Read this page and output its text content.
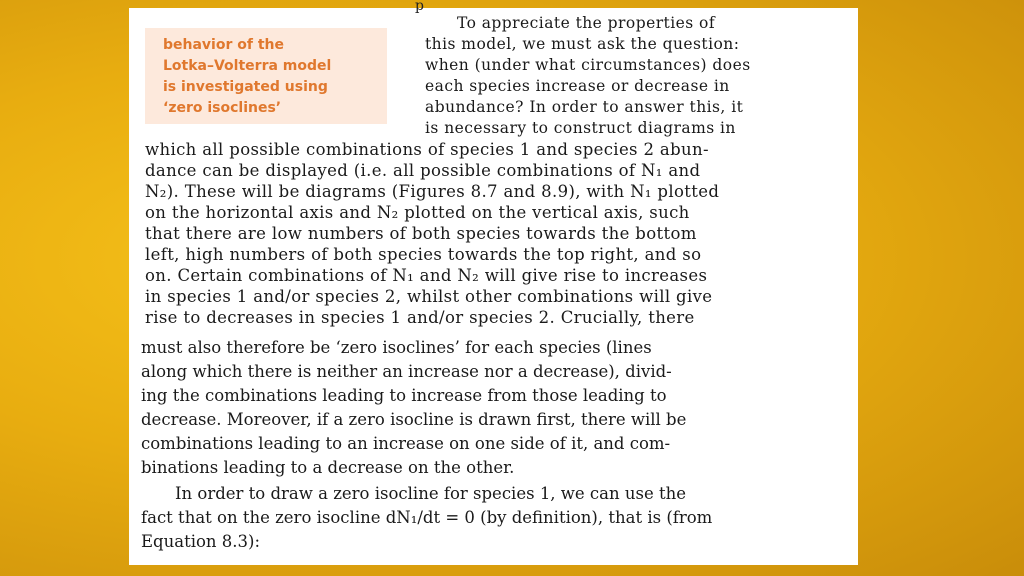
p
behavior of the
Lotka–Volterra model
is investigated using
‘zero isoclines’

To appreciate the properties of

this model, we must ask the question:

when (under what circumstances) does

each species increase or decrease in

abundance? In order to answer this, it

is necessary to construct diagrams in

which all possible combinations of species 1 and species 2 abun-

dance can be displayed (i.e. all possible combinations of N₁ and

N₂). These will be diagrams (Figures 8.7 and 8.9), with N₁ plotted

on the horizontal axis and N₂ plotted on the vertical axis, such

that there are low numbers of both species towards the bottom

left, high numbers of both species towards the top right, and so

on. Certain combinations of N₁ and N₂ will give rise to increases

in species 1 and/or species 2, whilst other combinations will give

rise to decreases in species 1 and/or species 2. Crucially, there

must also therefore be ‘zero isoclines’ for each species (lines

along which there is neither an increase nor a decrease), divid-

ing the combinations leading to increase from those leading to

decrease. Moreover, if a zero isocline is drawn first, there will be

combinations leading to an increase on one side of it, and com-

binations leading to a decrease on the other.

In order to draw a zero isocline for species 1, we can use the

fact that on the zero isocline dN₁/dt = 0 (by definition), that is (from

Equation 8.3):
